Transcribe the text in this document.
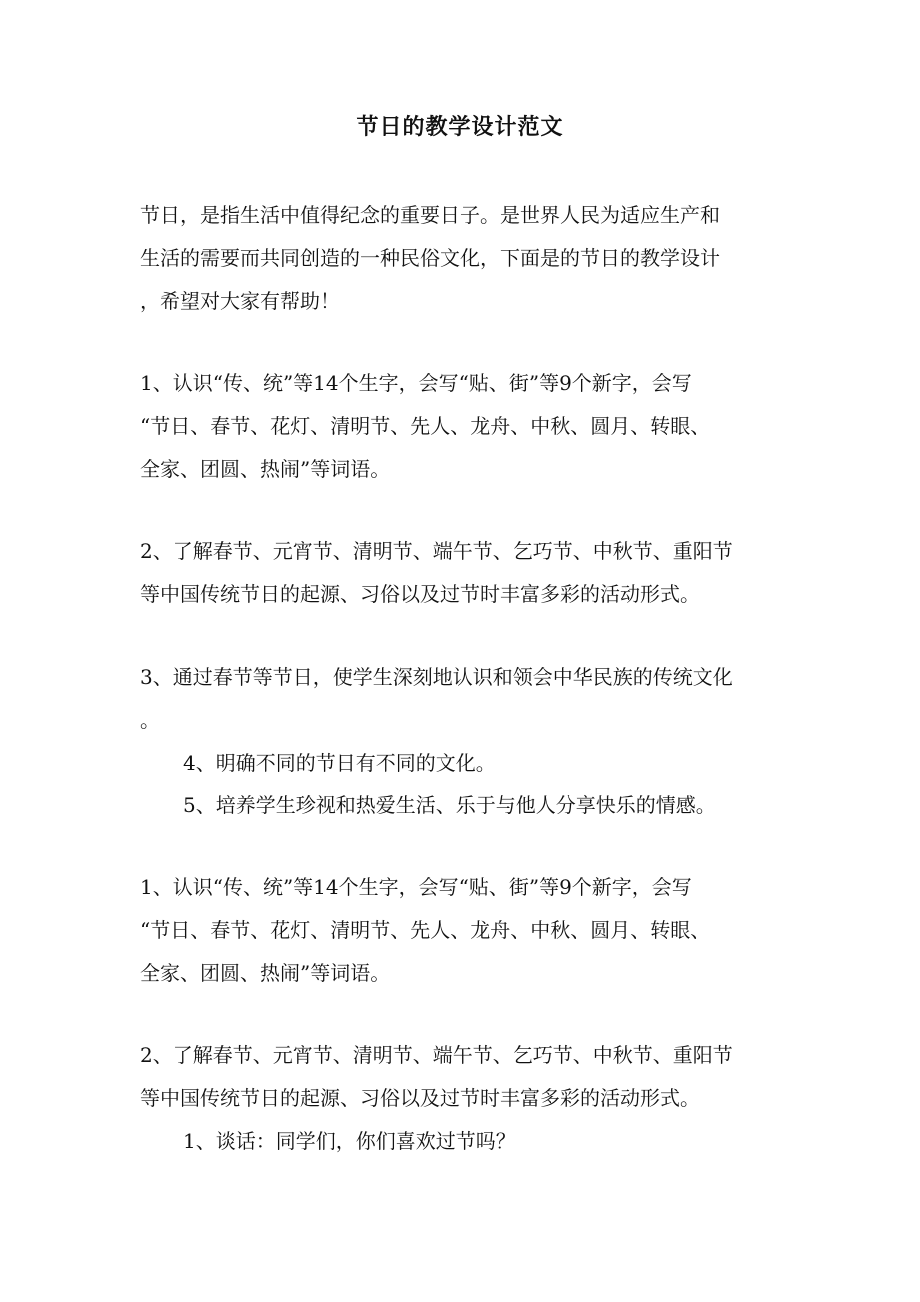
节日的教学设计范文
节日，是指生活中值得纪念的重要日子。是世界人民为适应生产和
生活的需要而共同创造的一种民俗文化，下面是的节日的教学设计
，希望对大家有帮助！
1、认识“传、统”等14个生字，会写“贴、街”等9个新字，会写
“节日、春节、花灯、清明节、先人、龙舟、中秋、圆月、转眼、
全家、团圆、热闹”等词语。
2、了解春节、元宵节、清明节、端午节、乞巧节、中秋节、重阳节
等中国传统节日的起源、习俗以及过节时丰富多彩的活动形式。
3、通过春节等节日，使学生深刻地认识和领会中华民族的传统文化
。
4、明确不同的节日有不同的文化。
5、培养学生珍视和热爱生活、乐于与他人分享快乐的情感。
1、认识“传、统”等14个生字，会写“贴、街”等9个新字，会写
“节日、春节、花灯、清明节、先人、龙舟、中秋、圆月、转眼、
全家、团圆、热闹”等词语。
2、了解春节、元宵节、清明节、端午节、乞巧节、中秋节、重阳节
等中国传统节日的起源、习俗以及过节时丰富多彩的活动形式。
1、谈话：同学们，你们喜欢过节吗？
